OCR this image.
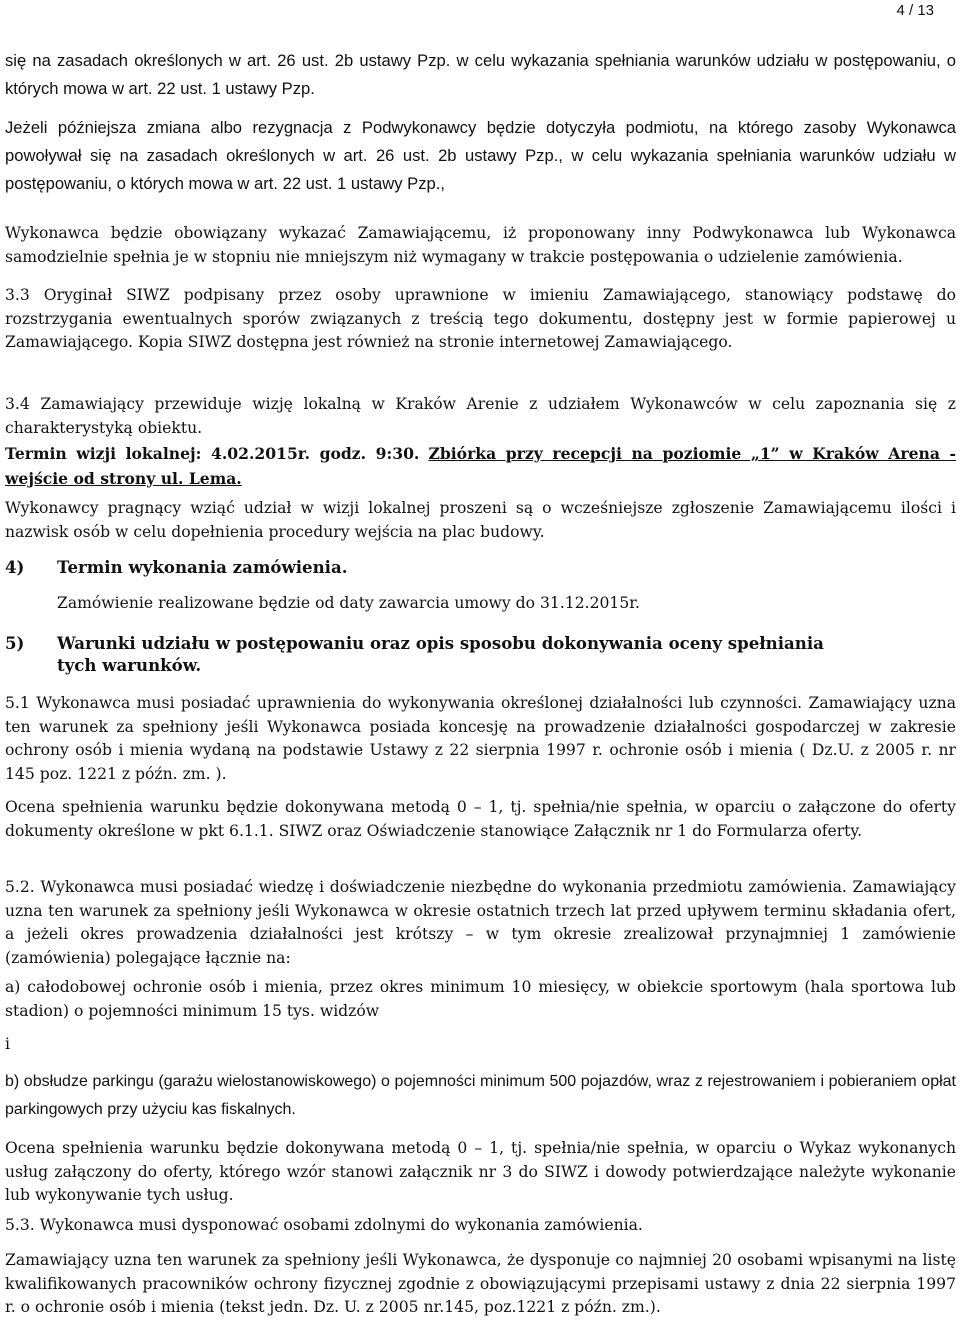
4 / 13

się na zasadach określonych w art. 26 ust. 2b ustawy Pzp. w celu wykazania spełniania warunków udziału w postępowaniu, o których mowa w art. 22 ust. 1 ustawy Pzp.

Jeżeli późniejsza zmiana albo rezygnacja z Podwykonawcy będzie dotyczyła podmiotu, na którego zasoby Wykonawca powoływał się na zasadach określonych w art. 26 ust. 2b ustawy Pzp., w celu wykazania spełniania warunków udziału w postępowaniu, o których mowa w art. 22 ust. 1 ustawy Pzp.,

Wykonawca będzie obowiązany wykazać Zamawiającemu, iż proponowany inny Podwykonawca lub Wykonawca samodzielnie spełnia je w stopniu nie mniejszym niż wymagany w trakcie postępowania o udzielenie zamówienia.

3.3 Oryginał SIWZ podpisany przez osoby uprawnione w imieniu Zamawiającego, stanowiący podstawę do rozstrzygania ewentualnych sporów związanych z treścią tego dokumentu, dostępny jest w formie papierowej u Zamawiającego. Kopia SIWZ dostępna jest również na stronie internetowej Zamawiającego.

3.4 Zamawiający przewiduje wizję lokalną w Kraków Arenie z udziałem Wykonawców w celu zapoznania się z charakterystyką obiektu.

Termin wizji lokalnej: 4.02.2015r. godz. 9:30. Zbiórka przy recepcji na poziomie „1” w Kraków Arena - wejście od strony ul. Lema.

Wykonawcy pragnący wziąć udział w wizji lokalnej proszeni są o wcześniejsze zgłoszenie Zamawiającemu ilości i nazwisk osób w celu dopełnienia procedury wejścia na plac budowy.

4) Termin wykonania zamówienia.
Zamówienie realizowane będzie od daty zawarcia umowy do 31.12.2015r.
5) Warunki udziału w postępowaniu oraz opis sposobu dokonywania oceny spełniania
tych warunków.

5.1 Wykonawca musi posiadać uprawnienia do wykonywania określonej działalności lub czynności. Zamawiający uzna ten warunek za spełniony jeśli Wykonawca posiada koncesję na prowadzenie działalności gospodarczej w zakresie ochrony osób i mienia wydaną na podstawie Ustawy z 22 sierpnia 1997 r. ochronie osób i mienia ( Dz.U. z 2005 r. nr 145 poz. 1221 z późn. zm. ).

Ocena spełnienia warunku będzie dokonywana metodą 0 – 1, tj. spełnia/nie spełnia, w oparciu o załączone do oferty dokumenty określone w pkt 6.1.1. SIWZ oraz Oświadczenie stanowiące Załącznik nr 1 do Formularza oferty.

5.2. Wykonawca musi posiadać wiedzę i doświadczenie niezbędne do wykonania przedmiotu zamówienia. Zamawiający uzna ten warunek za spełniony jeśli Wykonawca w okresie ostatnich trzech lat przed upływem terminu składania ofert, a jeżeli okres prowadzenia działalności jest krótszy – w tym okresie zrealizował przynajmniej 1 zamówienie (zamówienia) polegające łącznie na:

a) całodobowej ochronie osób i mienia, przez okres minimum 10 miesięcy, w obiekcie sportowym (hala sportowa lub stadion) o pojemności minimum 15 tys. widzów

i

b) obsłudze parkingu (garażu wielostanowiskowego) o pojemności minimum 500 pojazdów, wraz z rejestrowaniem i pobieraniem opłat parkingowych przy użyciu kas fiskalnych.

Ocena spełnienia warunku będzie dokonywana metodą 0 – 1, tj. spełnia/nie spełnia, w oparciu o Wykaz wykonanych usług załączony do oferty, którego wzór stanowi załącznik nr 3 do SIWZ i dowody potwierdzające należyte wykonanie lub wykonywanie tych usług.

5.3. Wykonawca musi dysponować osobami zdolnymi do wykonania zamówienia.

Zamawiający uzna ten warunek za spełniony jeśli Wykonawca, że dysponuje co najmniej 20 osobami wpisanymi na listę kwalifikowanych pracowników ochrony fizycznej zgodnie z obowiązującymi przepisami ustawy z dnia 22 sierpnia 1997 r. o ochronie osób i mienia (tekst jedn. Dz. U. z 2005 nr.145, poz.1221 z późn. zm.).
